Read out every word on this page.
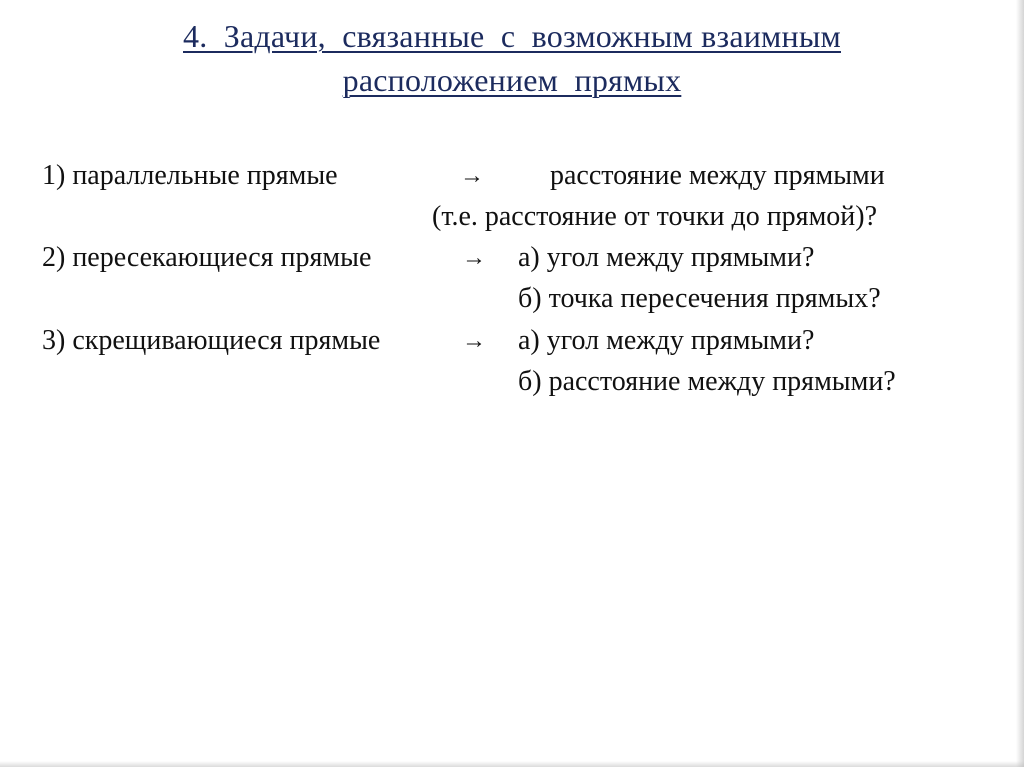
4.  Задачи,  связанные  с  возможным взаимным
расположением  прямых
1) параллельные прямые	→ расстояние между прямыми
(т.е. расстояние от точки до прямой)?
2) пересекающиеся прямые	→ а) угол между прямыми?
б) точка пересечения прямых?
3) скрещивающиеся прямые	→ а) угол между прямыми?
б) расстояние между прямыми?
